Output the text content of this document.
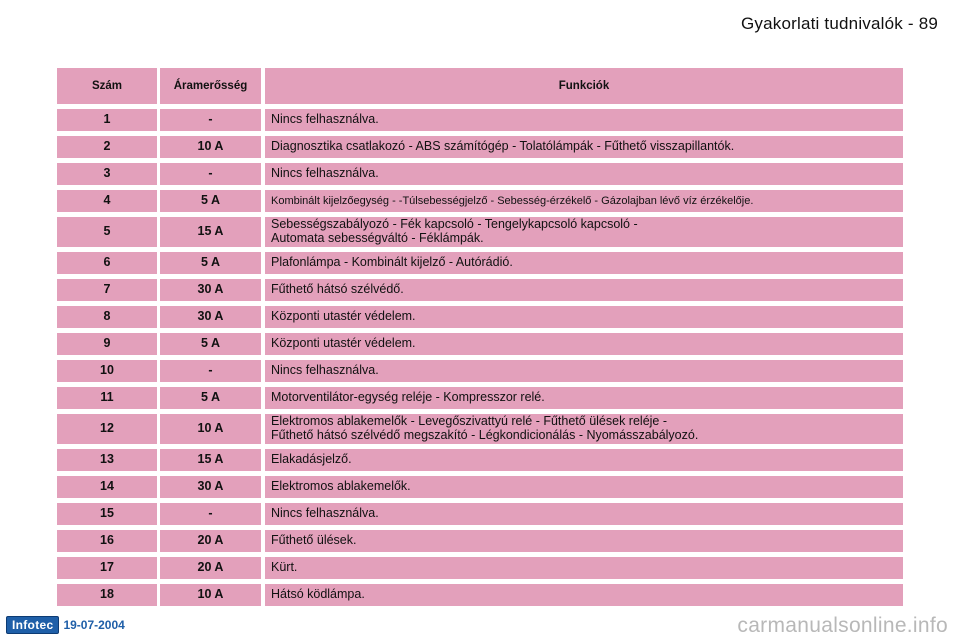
Gyakorlati tudnivalók - 89
Szám	Áramerősség	Funkciók
1	-	Nincs felhasználva.
2	10 A	Diagnosztika csatlakozó - ABS számítógép - Tolatólámpák - Fűthető visszapillantók.
3	-	Nincs felhasználva.
4	5 A	Kombinált kijelzőegység - -Túlsebességjelző - Sebesség-érzékelő - Gázolajban lévő víz érzékelője.
5	15 A	Sebességszabályozó - Fék kapcsoló - Tengelykapcsoló kapcsoló -
Automata sebességváltó - Féklámpák.
6	5 A	Plafonlámpa - Kombinált kijelző - Autórádió.
7	30 A	Fűthető hátsó szélvédő.
8	30 A	Központi utastér védelem.
9	5 A	Központi utastér védelem.
10	-	Nincs felhasználva.
11	5 A	Motorventilátor-egység reléje - Kompresszor relé.
12	10 A	Elektromos ablakemelők - Levegőszivattyú relé - Fűthető ülések reléje -
Fűthető hátsó szélvédő megszakító - Légkondicionálás - Nyomásszabályozó.
13	15 A	Elakadásjelző.
14	30 A	Elektromos ablakemelők.
15	-	Nincs felhasználva.
16	20 A	Fűthető ülések.
17	20 A	Kürt.
18	10 A	Hátsó ködlámpa.
Infotec 19-07-2004	carmanualsonline.info
